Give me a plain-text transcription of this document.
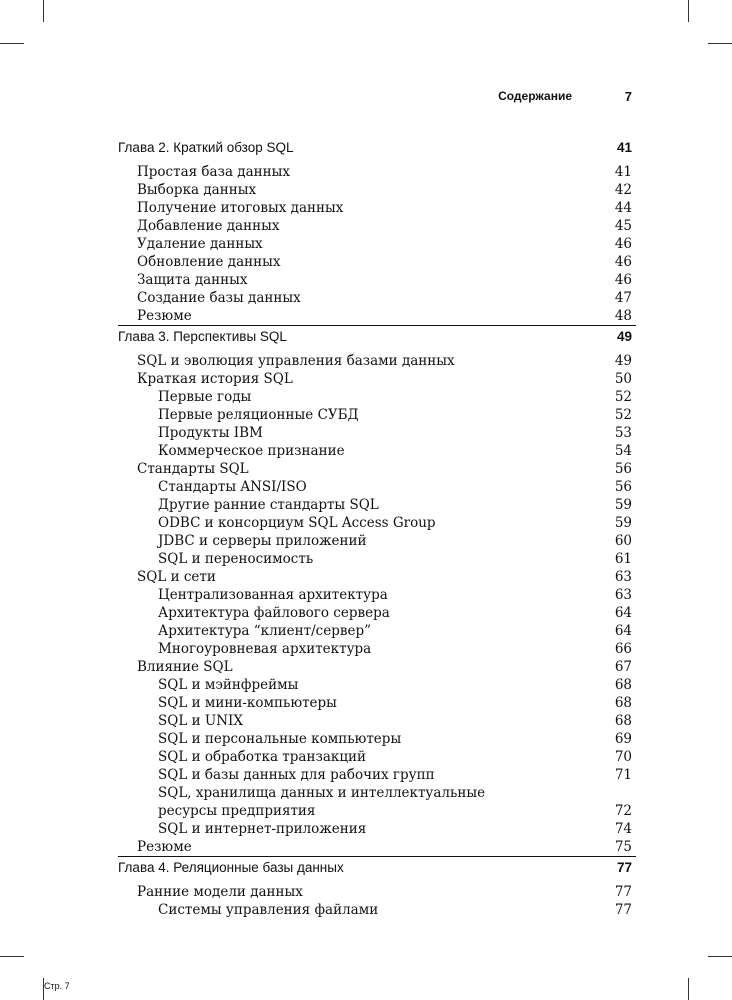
Содержание	7
Глава 2. Краткий обзор SQL	41
Простая база данных	41
Выборка данных	42
Получение итоговых данных	44
Добавление данных	45
Удаление данных	46
Обновление данных	46
Защита данных	46
Создание базы данных	47
Резюме	48
Глава 3. Перспективы SQL	49
SQL и эволюция управления базами данных	49
Краткая история SQL	50
Первые годы	52
Первые реляционные СУБД	52
Продукты IBM	53
Коммерческое признание	54
Стандарты SQL	56
Стандарты ANSI/ISO	56
Другие ранние стандарты SQL	59
ODBC и консорциум SQL Access Group	59
JDBC и серверы приложений	60
SQL и переносимость	61
SQL и сети	63
Централизованная архитектура	63
Архитектура файлового сервера	64
Архитектура “клиент/сервер”	64
Многоуровневая архитектура	66
Влияние SQL	67
SQL и мэйнфреймы	68
SQL и мини-компьютеры	68
SQL и UNIX	68
SQL и персональные компьютеры	69
SQL и обработка транзакций	70
SQL и базы данных для рабочих групп	71
SQL, хранилища данных и интеллектуальные ресурсы предприятия	72
SQL и интернет-приложения	74
Резюме	75
Глава 4. Реляционные базы данных	77
Ранние модели данных	77
Системы управления файлами	77
Стр. 7
